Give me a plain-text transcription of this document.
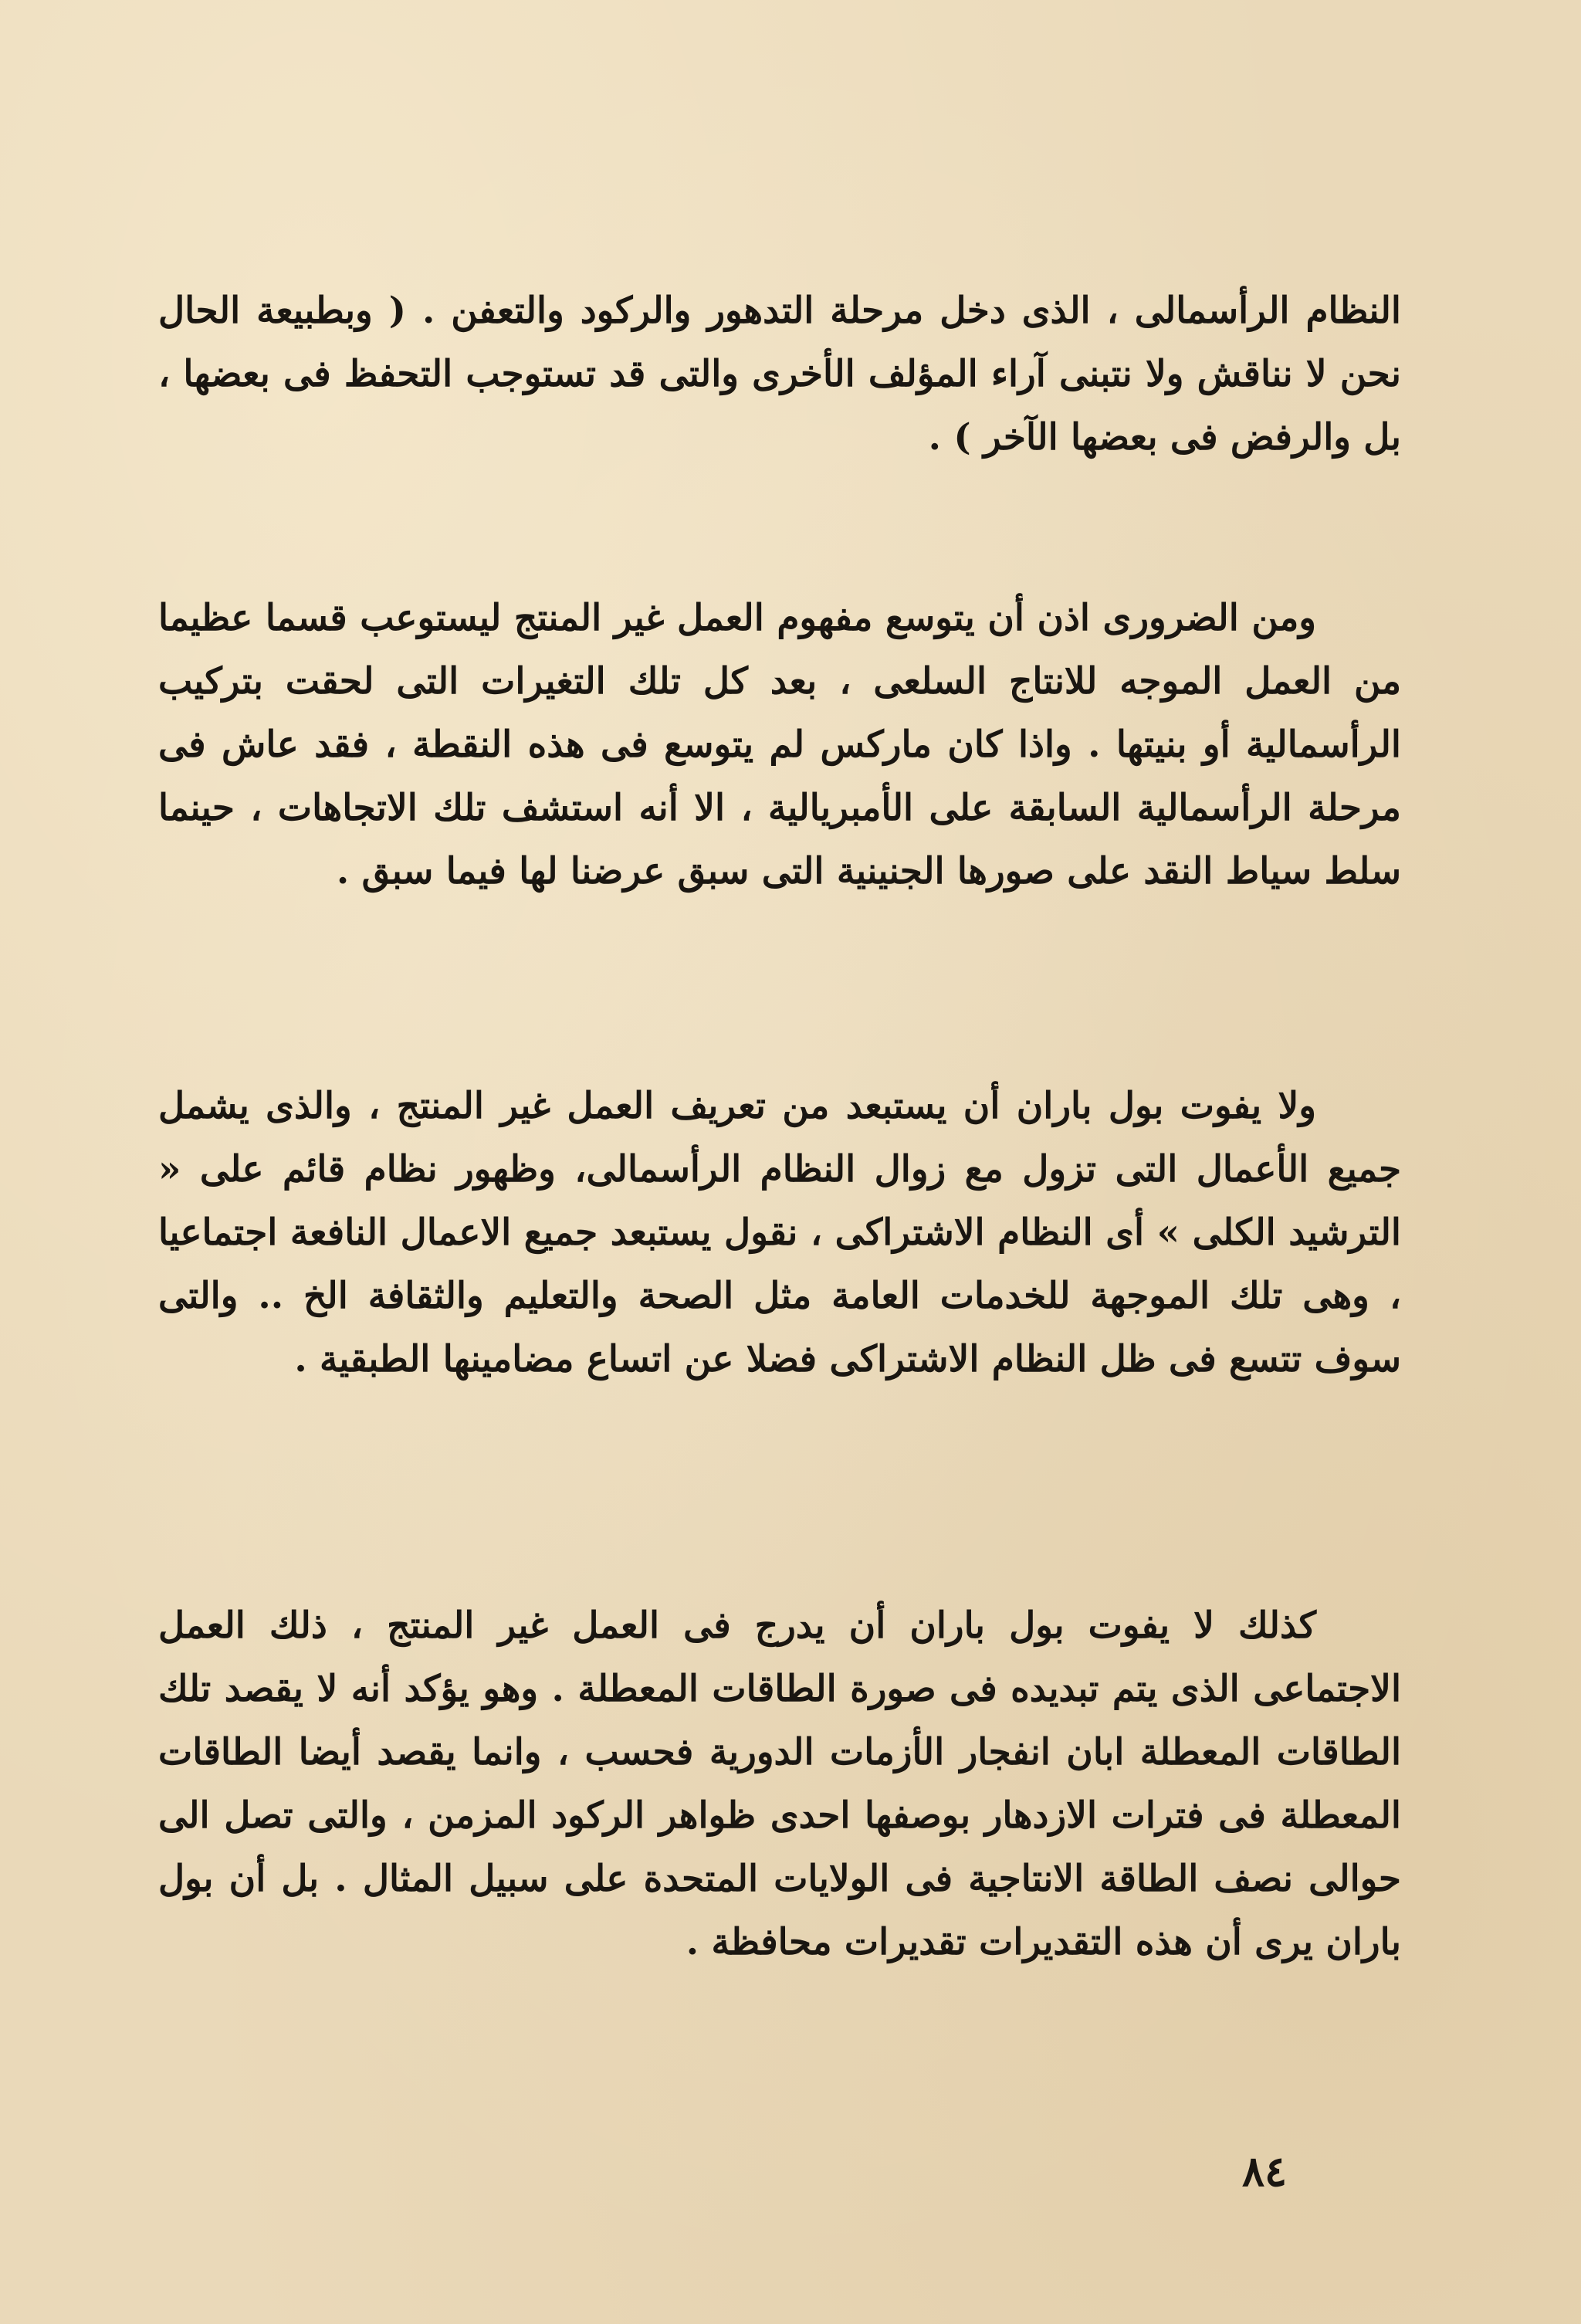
النظام الرأسمالى ، الذى دخل مرحلة التدهور والركود والتعفن . ( وبطبيعة الحال نحن لا نناقش ولا نتبنى آراء المؤلف الأخرى والتى قد تستوجب التحفظ فى بعضها ، بل والرفض فى بعضها الآخر ) .

ومن الضرورى اذن أن يتوسع مفهوم العمل غير المنتج ليستوعب قسما عظيما من العمل الموجه للانتاج السلعى ، بعد كل تلك التغيرات التى لحقت بتركيب الرأسمالية أو بنيتها . واذا كان ماركس لم يتوسع فى هذه النقطة ، فقد عاش فى مرحلة الرأسمالية السابقة على الأمبريالية ، الا أنه استشف تلك الاتجاهات ، حينما سلط سياط النقد على صورها الجنينية التى سبق عرضنا لها فيما سبق .

ولا يفوت بول باران أن يستبعد من تعريف العمل غير المنتج ، والذى يشمل جميع الأعمال التى تزول مع زوال النظام الرأسمالى، وظهور نظام قائم على « الترشيد الكلى » أى النظام الاشتراكى ، نقول يستبعد جميع الاعمال النافعة اجتماعيا ، وهى تلك الموجهة للخدمات العامة مثل الصحة والتعليم والثقافة الخ .. والتى سوف تتسع فى ظل النظام الاشتراكى فضلا عن اتساع مضامينها الطبقية .

كذلك لا يفوت بول باران أن يدرج فى العمل غير المنتج ، ذلك العمل الاجتماعى الذى يتم تبديده فى صورة الطاقات المعطلة . وهو يؤكد أنه لا يقصد تلك الطاقات المعطلة ابان انفجار الأزمات الدورية فحسب ، وانما يقصد أيضا الطاقات المعطلة فى فترات الازدهار بوصفها احدى ظواهر الركود المزمن ، والتى تصل الى حوالى نصف الطاقة الانتاجية فى الولايات المتحدة على سبيل المثال . بل أن بول باران يرى أن هذه التقديرات تقديرات محافظة .

٨٤
